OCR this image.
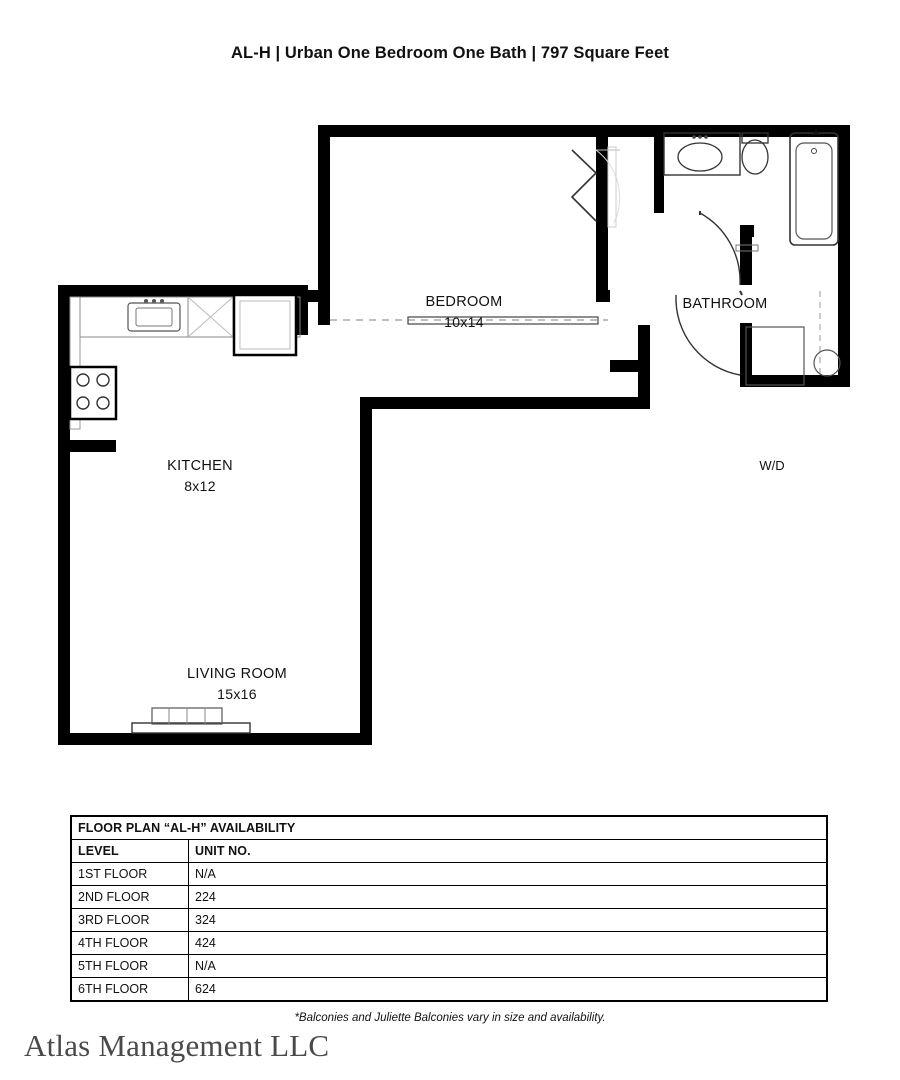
AL-H | Urban One Bedroom One Bath | 797 Square Feet
BEDROOM
10x14
BATHROOM
KITCHEN
8x12
LIVING ROOM
15x16
W/D
FLOOR PLAN “AL-H” AVAILABILITY	
LEVEL	UNIT NO.
1ST FLOOR	N/A
2ND FLOOR	224
3RD FLOOR	324
4TH FLOOR	424
5TH FLOOR	N/A
6TH FLOOR	624
*Balconies and Juliette Balconies vary in size and availability.
Atlas Management LLC
